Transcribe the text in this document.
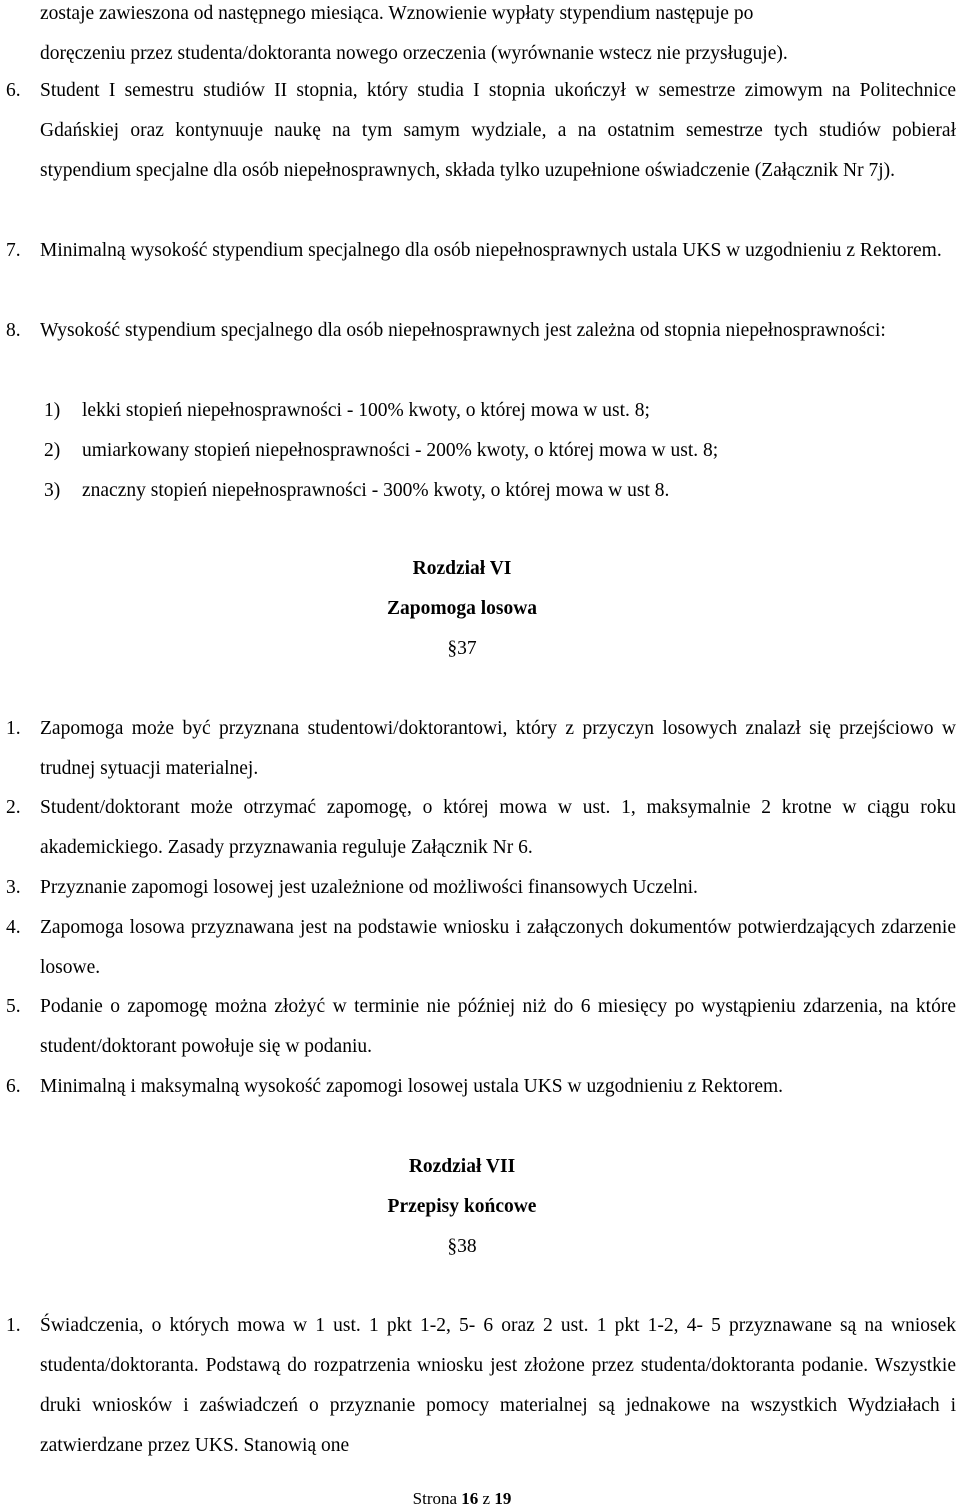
zostaje zawieszona od następnego miesiąca. Wznowienie wypłaty stypendium następuje po
doręczeniu przez studenta/doktoranta nowego orzeczenia (wyrównanie wstecz nie przysługuje).
6. Student I semestru studiów II stopnia, który studia I stopnia ukończył w semestrze zimowym na Politechnice Gdańskiej oraz kontynuuje naukę na tym samym wydziale, a na ostatnim semestrze tych studiów pobierał stypendium specjalne dla osób niepełnosprawnych, składa tylko uzupełnione oświadczenie (Załącznik Nr 7j).
7. Minimalną wysokość stypendium specjalnego dla osób niepełnosprawnych ustala UKS w uzgodnieniu z Rektorem.
8. Wysokość stypendium specjalnego dla osób niepełnosprawnych jest zależna od stopnia niepełnosprawności:
1) lekki stopień niepełnosprawności - 100% kwoty, o której mowa w ust. 8;
2) umiarkowany stopień niepełnosprawności - 200% kwoty, o której mowa w ust. 8;
3) znaczny stopień niepełnosprawności - 300% kwoty, o której mowa w ust 8.
Rozdział VI
Zapomoga losowa
§37
1. Zapomoga może być przyznana studentowi/doktorantowi, który z przyczyn losowych znalazł się przejściowo w trudnej sytuacji materialnej.
2. Student/doktorant może otrzymać zapomogę, o której mowa w ust. 1, maksymalnie 2 krotne w ciągu roku akademickiego. Zasady przyznawania reguluje Załącznik Nr 6.
3. Przyznanie zapomogi losowej jest uzależnione od możliwości finansowych Uczelni.
4. Zapomoga losowa przyznawana jest na podstawie wniosku i załączonych dokumentów potwierdzających zdarzenie losowe.
5. Podanie o zapomogę można złożyć w terminie nie później niż do 6 miesięcy po wystąpieniu zdarzenia, na które student/doktorant powołuje się w podaniu.
6. Minimalną i maksymalną wysokość zapomogi losowej ustala UKS w uzgodnieniu z Rektorem.
Rozdział VII
Przepisy końcowe
§38
1. Świadczenia, o których mowa w 1 ust. 1 pkt 1-2, 5- 6 oraz 2 ust. 1 pkt 1-2, 4- 5 przyznawane są na wniosek studenta/doktoranta. Podstawą do rozpatrzenia wniosku jest złożone przez studenta/doktoranta podanie. Wszystkie druki wniosków i zaświadczeń o przyznanie pomocy materialnej są jednakowe na wszystkich Wydziałach i zatwierdzane przez UKS. Stanowią one
Strona 16 z 19
